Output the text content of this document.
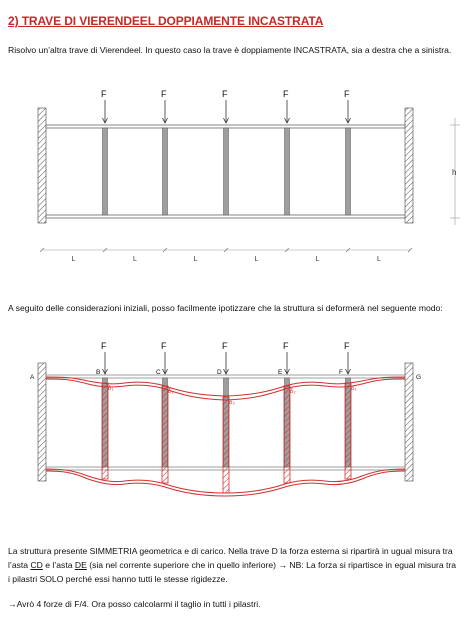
2) TRAVE DI VIERENDEEL DOPPIAMENTE INCASTRATA
Risolvo un’altra trave di Vierendeel. In questo caso la trave è doppiamente INCASTRATA, sia a destra che a sinistra.
F	F	F	F	F
h
L	L	L	L	L	L
A seguito delle considerazioni iniziali, posso facilmente ipotizzare che la struttura si deformerà nel seguente modo:
F	F	F	F	F
B	C	D	E	F
A	G
δ₁	δ₂
δ₃
δ₂	δ₁
La struttura presente SIMMETRIA geometrica e di carico. Nella trave D la forza esterna si ripartirà in ugual misura tra
l’asta CD e l’asta DE (sia nel corrente superiore che in quello inferiore) → NB: La forza si ripartisce in egual misura tra
i pilastri SOLO perché essi hanno tutti le stesse rigidezze.
→Avrò 4 forze di F/4. Ora posso calcolarmi il taglio in tutti i pilastri.
